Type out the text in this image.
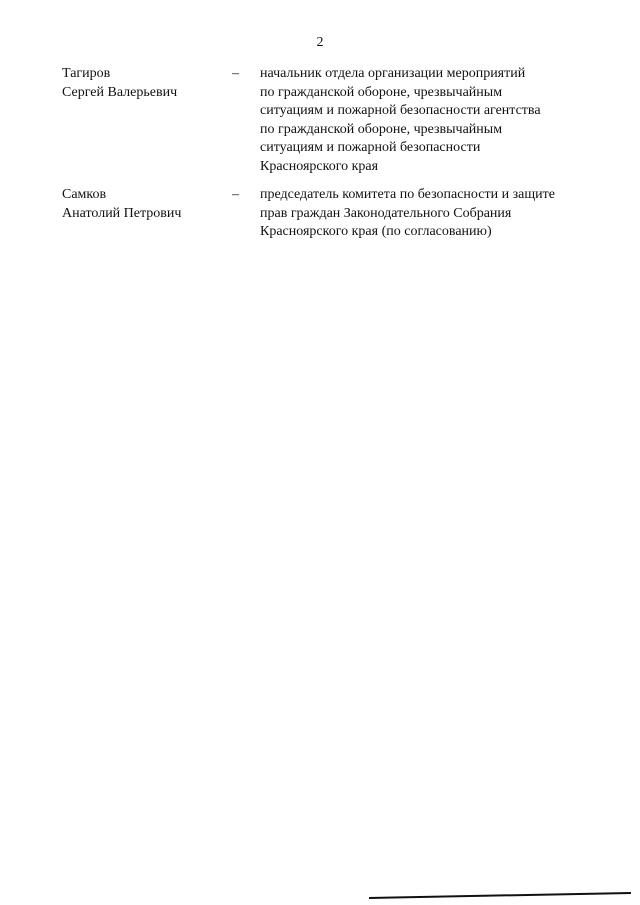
2
Тагиров
Сергей Валерьевич
– начальник отдела организации мероприятий
по гражданской обороне, чрезвычайным
ситуациям и пожарной безопасности агентства
по гражданской обороне, чрезвычайным
ситуациям и пожарной безопасности
Красноярского края
Самков
Анатолий Петрович
– председатель комитета по безопасности и защите
прав граждан Законодательного Собрания
Красноярского края (по согласованию)
